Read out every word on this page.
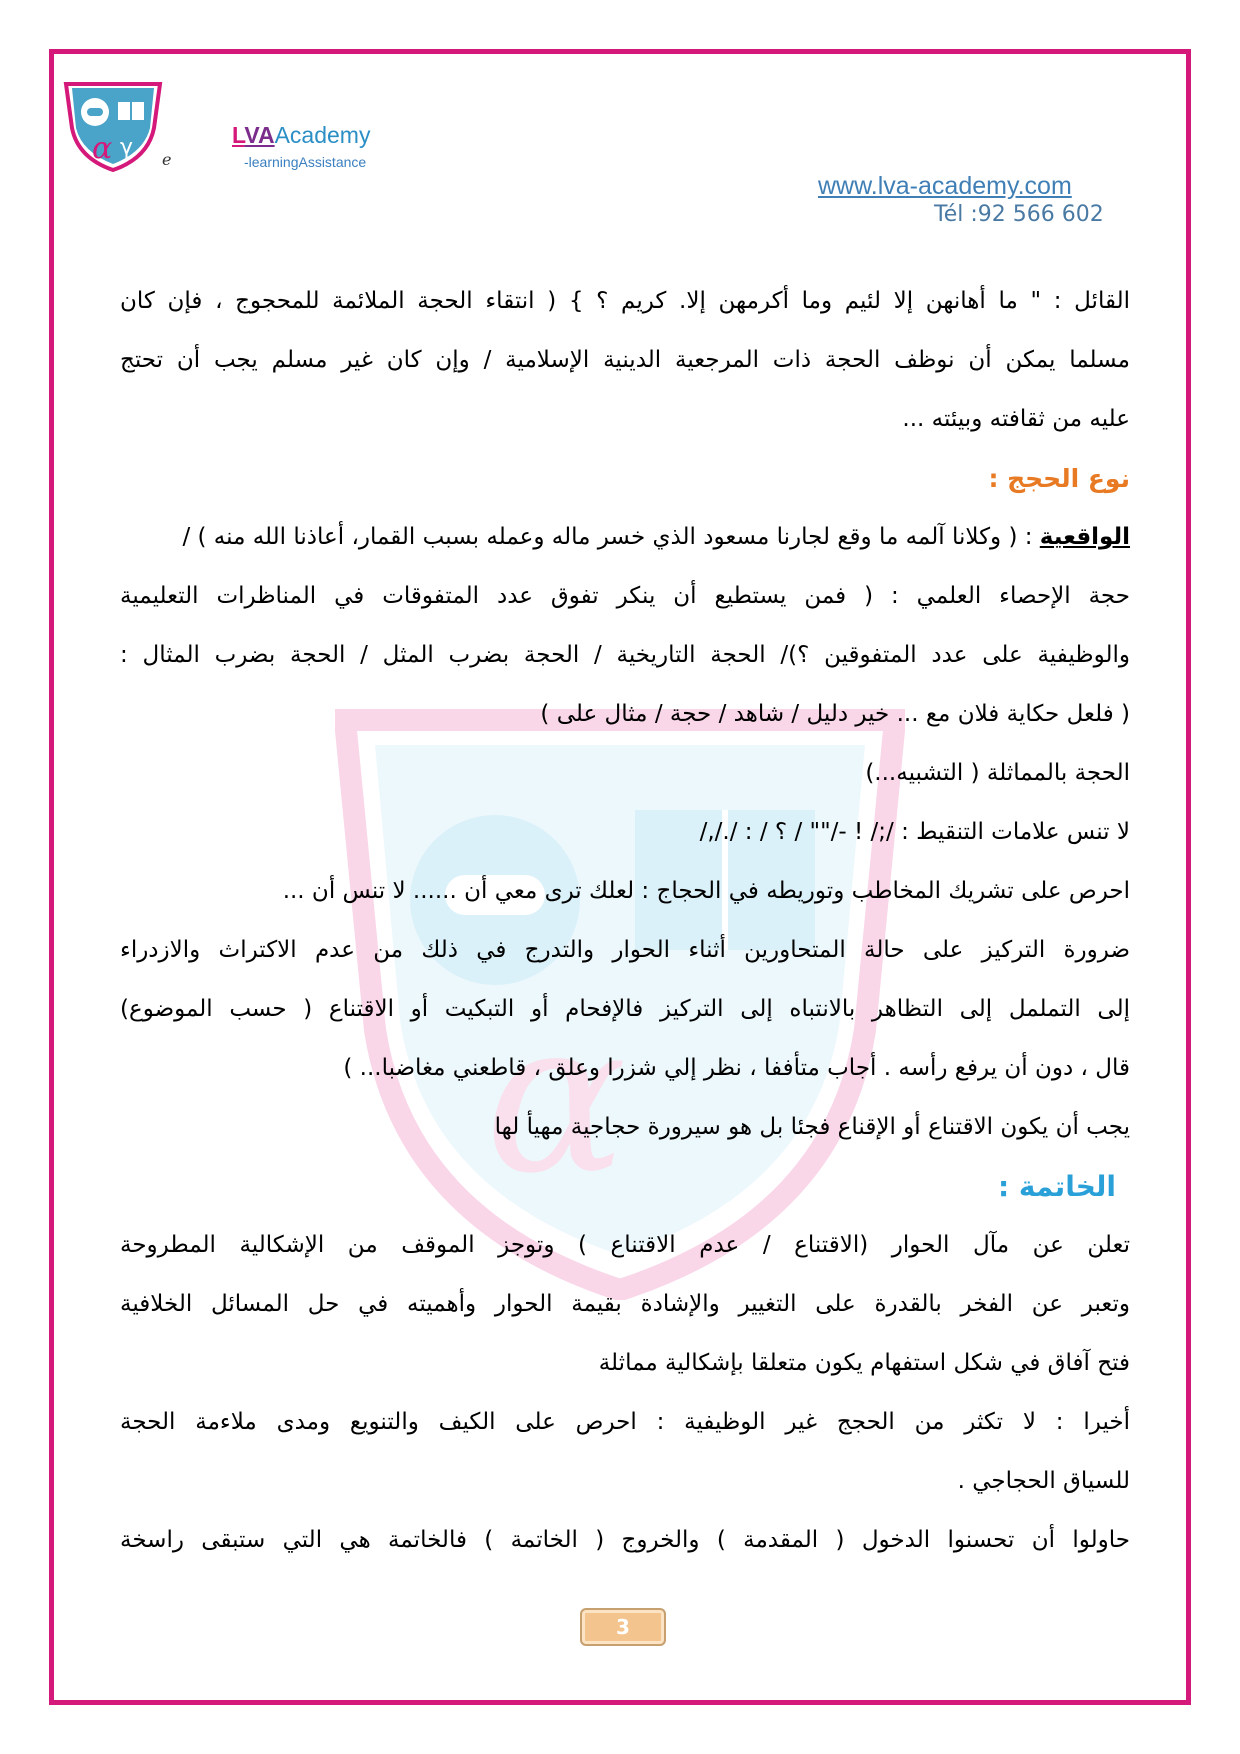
α γ e
LVAAcademy
-learningAssistance
www.lva-academy.com
Tél :92 566 602
α
القائل : " ما أهانهن إلا لئيم وما أكرمهن إلا. كريم ؟ } ( انتقاء الحجة الملائمة للمحجوج ، فإن كان
مسلما يمكن أن نوظف الحجة ذات المرجعية الدينية الإسلامية / وإن كان غير مسلم يجب أن تحتج
عليه من ثقافته وبيئته ...
نوع الحجج :
الواقعية : ( وكلانا آلمه ما وقع لجارنا مسعود الذي خسر ماله وعمله بسبب القمار، أعاذنا الله منه ) /
حجة الإحصاء العلمي : ( فمن يستطيع أن ينكر تفوق عدد المتفوقات في المناظرات التعليمية
والوظيفية على عدد المتفوقين ؟)/ الحجة التاريخية / الحجة بضرب المثل / الحجة بضرب المثال :
( فلعل حكاية فلان مع ... خير دليل / شاهد / حجة / مثال على )
الحجة بالمماثلة ( التشبيه...)
لا تنس علامات التنقيط : /;/ ! -/"" / ؟ / : /./,/
احرص على تشريك المخاطب وتوريطه في الحجاج : لعلك ترى معي أن ...... لا تنس أن ...
ضرورة التركيز على حالة المتحاورين أثناء الحوار والتدرج في ذلك من عدم الاكتراث والازدراء
إلى التململ إلى التظاهر بالانتباه إلى التركيز فالإفحام أو التبكيت أو الاقتناع ( حسب الموضوع)
قال ، دون أن يرفع رأسه . أجاب متأففا ، نظر إلي شزرا وعلق ، قاطعني مغاضبا... )
يجب أن يكون الاقتناع أو الإقناع فجئا بل هو سيرورة حجاجية مهيأ لها
الخاتمة :
تعلن عن مآل الحوار (الاقتناع / عدم الاقتناع ) وتوجز الموقف من الإشكالية المطروحة
وتعبر عن الفخر بالقدرة على التغيير والإشادة بقيمة الحوار وأهميته في حل المسائل الخلافية
فتح آفاق في شكل استفهام يكون متعلقا بإشكالية مماثلة
أخيرا : لا تكثر من الحجج غير الوظيفية : احرص على الكيف والتنويع ومدى ملاءمة الحجة
للسياق الحجاجي .
حاولوا أن تحسنوا الدخول ( المقدمة ) والخروج ( الخاتمة ) فالخاتمة هي التي ستبقى راسخة
3
